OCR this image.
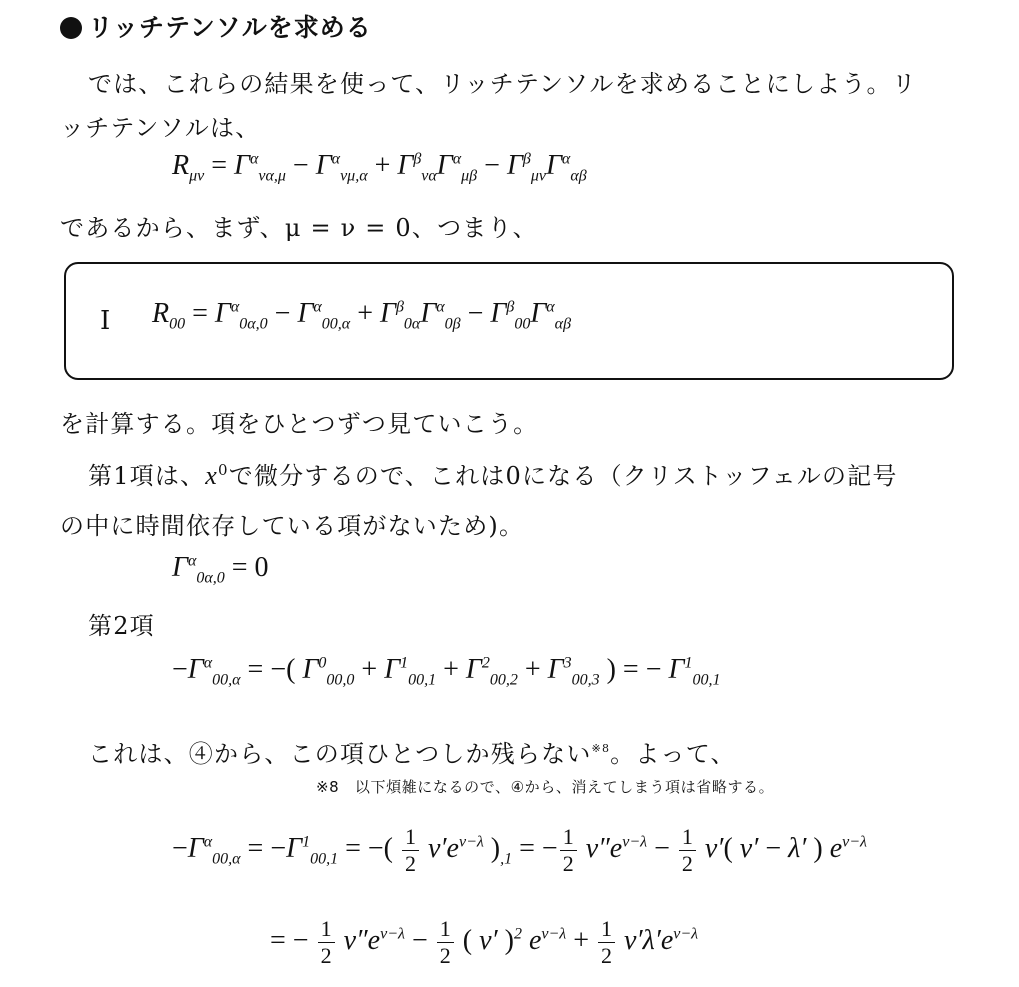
リッチテンソルを求める
では、これらの結果を使って、リッチテンソルを求めることにしよう。リ
ッチテンソルは、
$R_{\mu\nu} = \Gamma^\alpha_{\nu\alpha,\mu} - \Gamma^\alpha_{\nu\mu,\alpha} + \Gamma^\beta_{\nu\alpha}\Gamma^\alpha_{\mu\beta} - \Gamma^\beta_{\mu\nu}\Gamma^\alpha_{\alpha\beta}$
であるから、まず、μ = ν = 0、つまり、
I $R_{00} = \Gamma^\alpha_{0\alpha,0} - \Gamma^\alpha_{00,\alpha} + \Gamma^\beta_{0\alpha}\Gamma^\alpha_{0\beta} - \Gamma^\beta_{00}\Gamma^\alpha_{\alpha\beta}$
を計算する。項をひとつずつ見ていこう。
第1項は、$x^0$で微分するので、これは0になる（クリストッフェルの記号
の中に時間依存している項がないため)。
$\Gamma^\alpha_{0\alpha,0} = 0$
第2項
$-\Gamma^\alpha_{00,\alpha}$ = −( $\Gamma^0_{00,0} + \Gamma^1_{00,1} + \Gamma^2_{00,2} + \Gamma^3_{00,3}$ ) = − $\Gamma^1_{00,1}$
これは、④から、この項ひとつしか残らない$^{※8}$。よって、
※8　以下煩雑になるので、④から、消えてしまう項は省略する。
$-\Gamma^\alpha_{00,\alpha} = -\Gamma^1_{00,1}$ = −( $\frac{1}{2} \nu'e^{\nu-\lambda}$ )$_{,1}$ = − $\frac{1}{2} \nu''e^{\nu-\lambda} - \frac{1}{2} \nu'$( ν′ − λ′ ) $e^{\nu-\lambda}$
= − $\frac{1}{2} \nu''e^{\nu-\lambda} - \frac{1}{2}$ ( ν′ )$^2$ $e^{\nu-\lambda} + \frac{1}{2} \nu'\lambda'e^{\nu-\lambda}$
